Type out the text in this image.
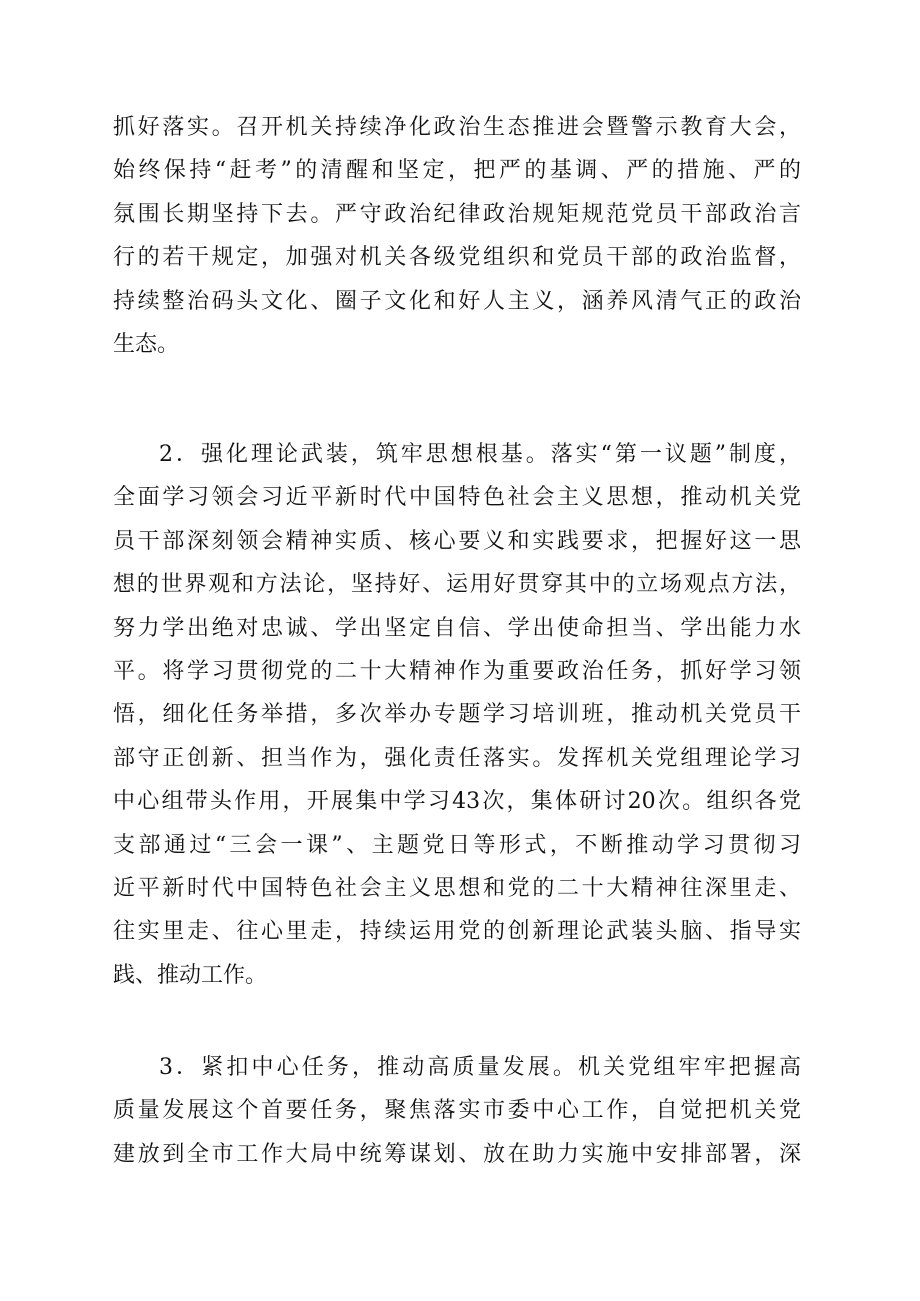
抓好落实。召开机关持续净化政治生态推进会暨警示教育大会，
始终保持“赶考”的清醒和坚定，把严的基调、严的措施、严的
氛围长期坚持下去。严守政治纪律政治规矩规范党员干部政治言
行的若干规定，加强对机关各级党组织和党员干部的政治监督，
持续整治码头文化、圈子文化和好人主义，涵养风清气正的政治
生态。
2．强化理论武装，筑牢思想根基。落实“第一议题”制度，
全面学习领会习近平新时代中国特色社会主义思想，推动机关党
员干部深刻领会精神实质、核心要义和实践要求，把握好这一思
想的世界观和方法论，坚持好、运用好贯穿其中的立场观点方法，
努力学出绝对忠诚、学出坚定自信、学出使命担当、学出能力水
平。将学习贯彻党的二十大精神作为重要政治任务，抓好学习领
悟，细化任务举措，多次举办专题学习培训班，推动机关党员干
部守正创新、担当作为，强化责任落实。发挥机关党组理论学习
中心组带头作用，开展集中学习43次，集体研讨20次。组织各党
支部通过“三会一课”、主题党日等形式，不断推动学习贯彻习
近平新时代中国特色社会主义思想和党的二十大精神往深里走、
往实里走、往心里走，持续运用党的创新理论武装头脑、指导实
践、推动工作。
3．紧扣中心任务，推动高质量发展。机关党组牢牢把握高
质量发展这个首要任务，聚焦落实市委中心工作，自觉把机关党
建放到全市工作大局中统筹谋划、放在助力实施中安排部署，深
